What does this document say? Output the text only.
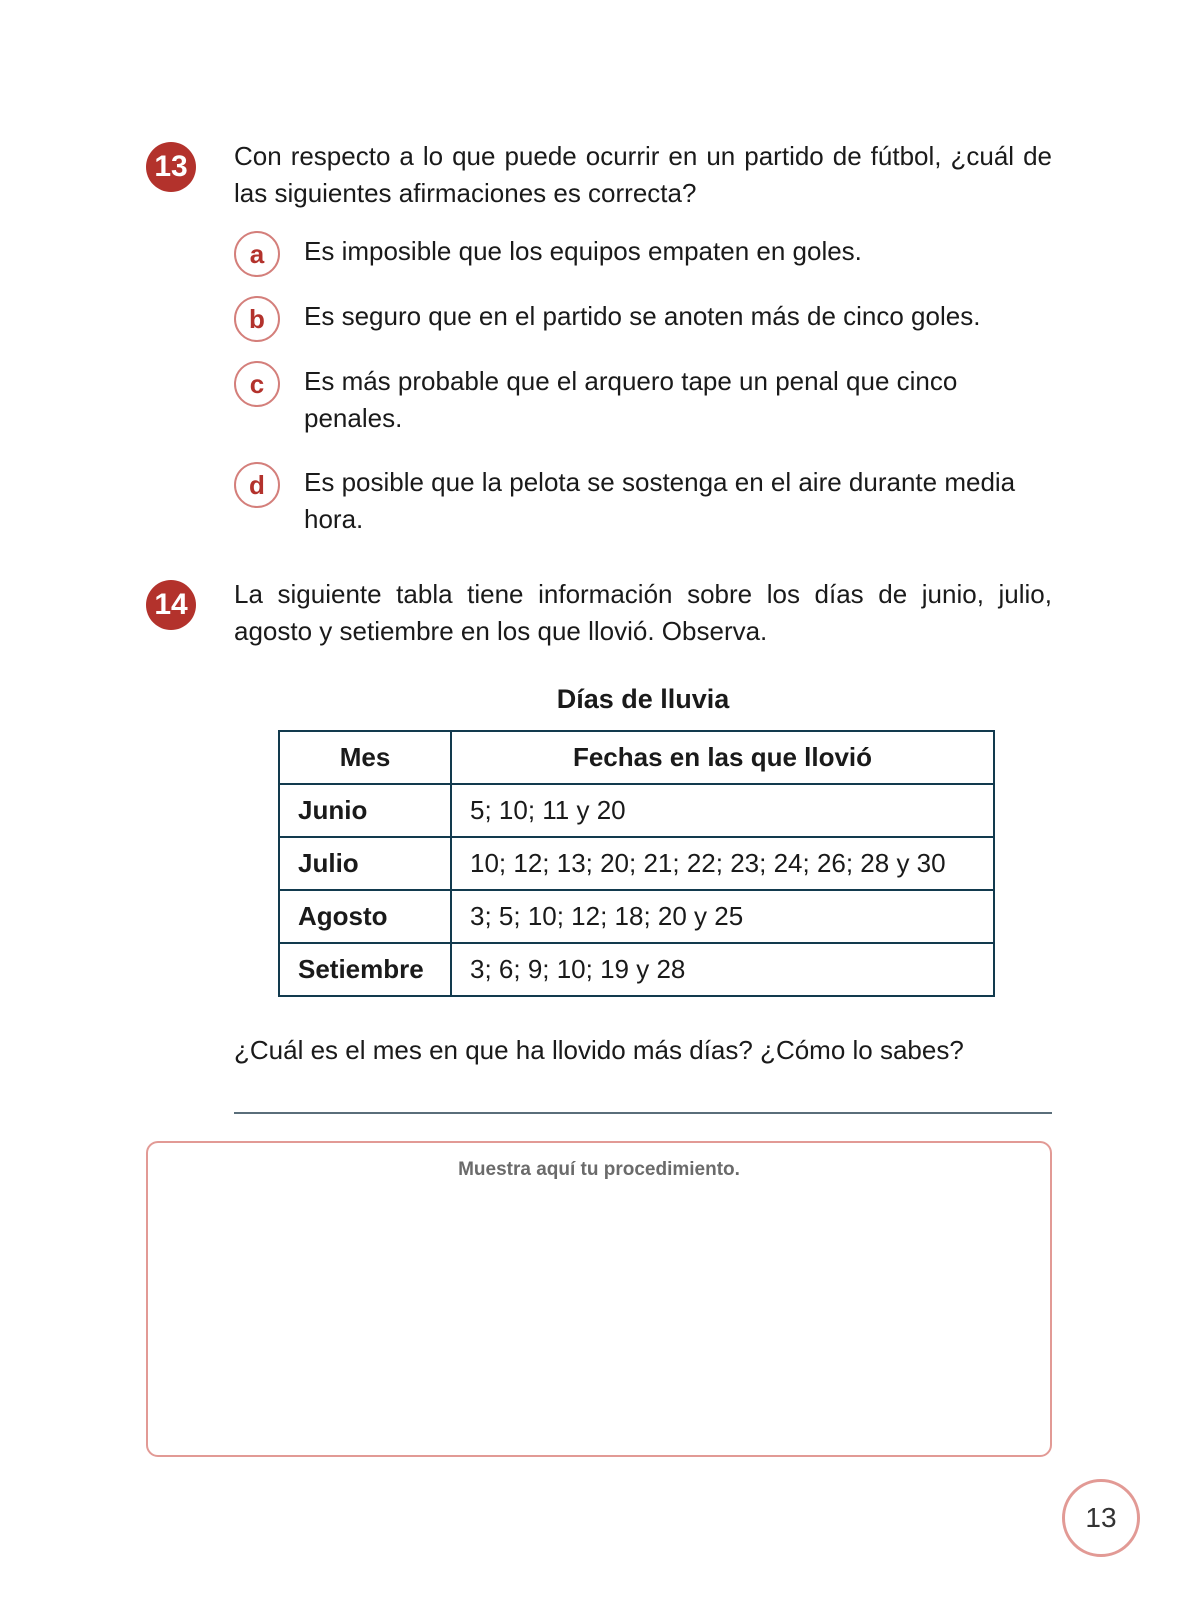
13	Con respecto a lo que puede ocurrir en un partido de fútbol, ¿cuál de las siguientes afirmaciones es correcta?
a	Es imposible que los equipos empaten en goles.
b	Es seguro que en el partido se anoten más de cinco goles.
c	Es más probable que el arquero tape un penal que cinco penales.
d	Es posible que la pelota se sostenga en el aire durante media hora.
14	La siguiente tabla tiene información sobre los días de junio, julio, agosto y setiembre en los que llovió. Observa.
Días de lluvia
Mes	Fechas en las que llovió
Junio	5; 10; 11 y 20
Julio	10; 12; 13; 20; 21; 22; 23; 24; 26; 28 y 30
Agosto	3; 5; 10; 12; 18; 20 y 25
Setiembre	3; 6; 9; 10; 19 y 28
¿Cuál es el mes en que ha llovido más días? ¿Cómo lo sabes?
Muestra aquí tu procedimiento.
13
